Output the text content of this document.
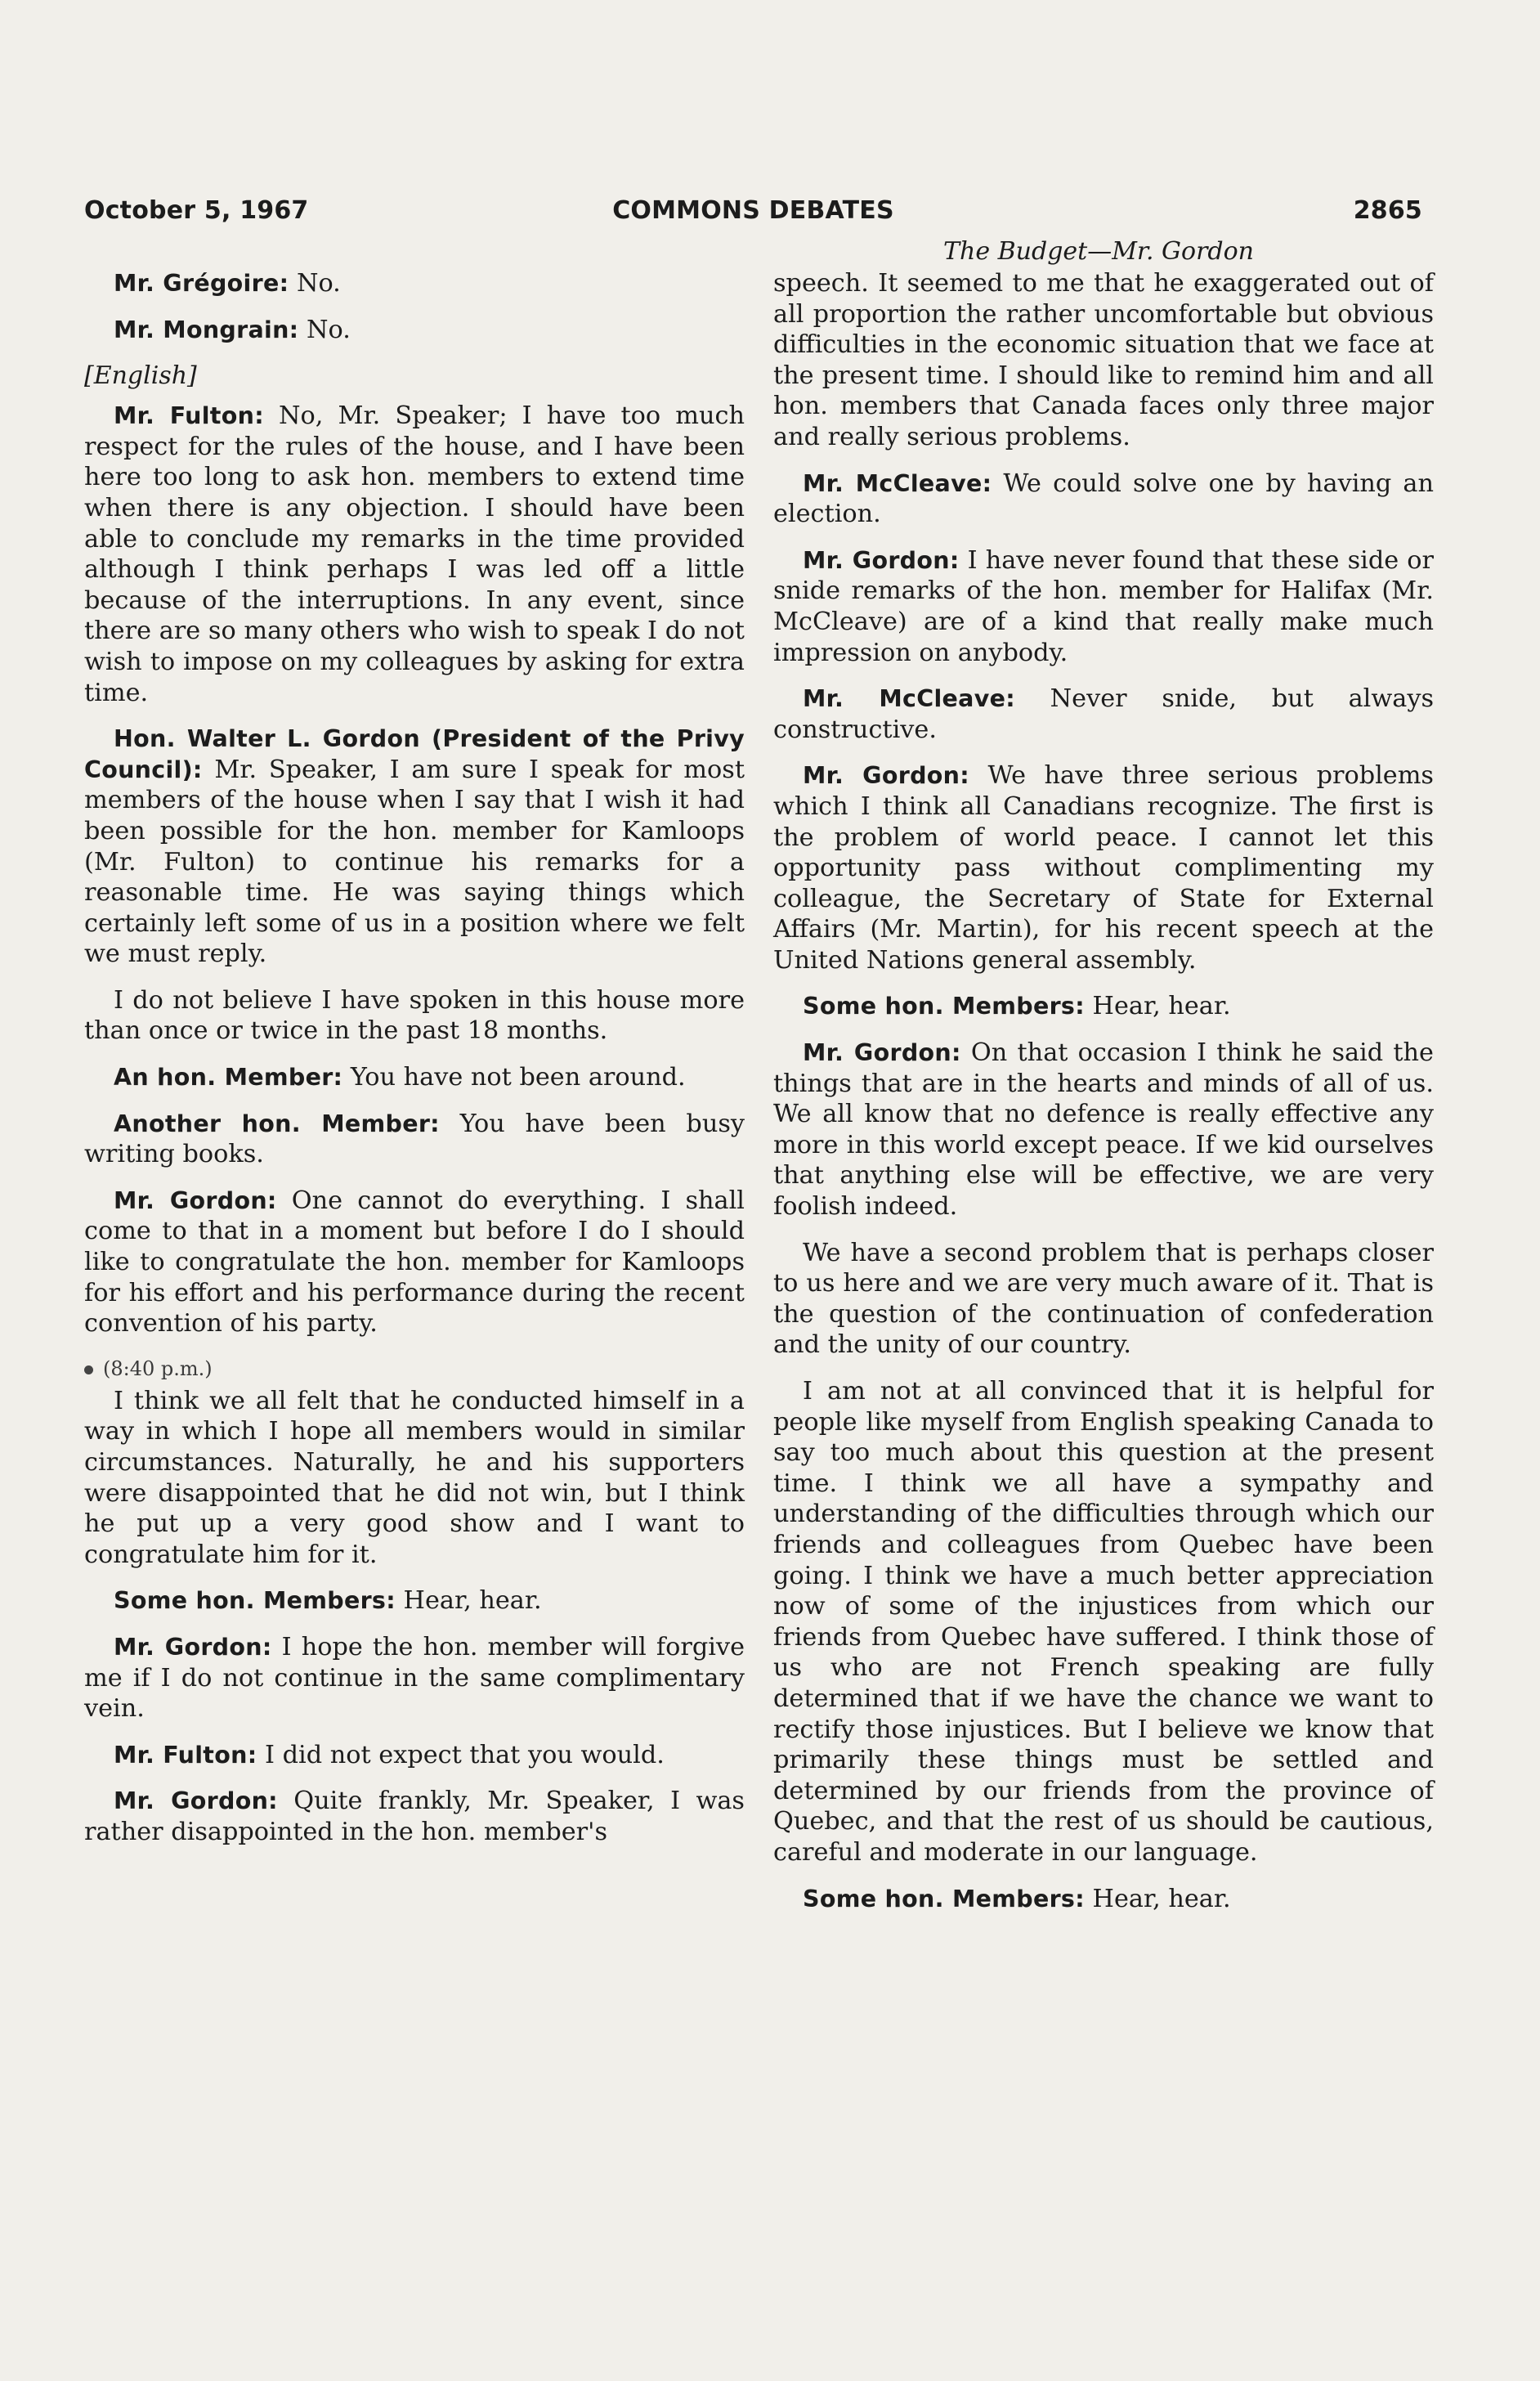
October 5, 1967	COMMONS DEBATES	2865
The Budget—Mr. Gordon

Mr. Grégoire: No.

Mr. Mongrain: No.

[English]

Mr. Fulton: No, Mr. Speaker; I have too much respect for the rules of the house, and I have been here too long to ask hon. members to extend time when there is any objection. I should have been able to conclude my remarks in the time provided although I think perhaps I was led off a little because of the interruptions. In any event, since there are so many others who wish to speak I do not wish to impose on my colleagues by asking for extra time.

Hon. Walter L. Gordon (President of the Privy Council): Mr. Speaker, I am sure I speak for most members of the house when I say that I wish it had been possible for the hon. member for Kamloops (Mr. Fulton) to continue his remarks for a reasonable time. He was saying things which certainly left some of us in a position where we felt we must reply.

I do not believe I have spoken in this house more than once or twice in the past 18 months.

An hon. Member: You have not been around.

Another hon. Member: You have been busy writing books.

Mr. Gordon: One cannot do everything. I shall come to that in a moment but before I do I should like to congratulate the hon. member for Kamloops for his effort and his performance during the recent convention of his party.

(8:40 p.m.)

I think we all felt that he conducted himself in a way in which I hope all members would in similar circumstances. Naturally, he and his supporters were disappointed that he did not win, but I think he put up a very good show and I want to congratulate him for it.

Some hon. Members: Hear, hear.

Mr. Gordon: I hope the hon. member will forgive me if I do not continue in the same complimentary vein.

Mr. Fulton: I did not expect that you would.

Mr. Gordon: Quite frankly, Mr. Speaker, I was rather disappointed in the hon. member's

speech. It seemed to me that he exaggerated out of all proportion the rather uncomfortable but obvious difficulties in the economic situation that we face at the present time. I should like to remind him and all hon. members that Canada faces only three major and really serious problems.

Mr. McCleave: We could solve one by having an election.

Mr. Gordon: I have never found that these side or snide remarks of the hon. member for Halifax (Mr. McCleave) are of a kind that really make much impression on anybody.

Mr. McCleave: Never snide, but always constructive.

Mr. Gordon: We have three serious problems which I think all Canadians recognize. The first is the problem of world peace. I cannot let this opportunity pass without complimenting my colleague, the Secretary of State for External Affairs (Mr. Martin), for his recent speech at the United Nations general assembly.

Some hon. Members: Hear, hear.

Mr. Gordon: On that occasion I think he said the things that are in the hearts and minds of all of us. We all know that no defence is really effective any more in this world except peace. If we kid ourselves that anything else will be effective, we are very foolish indeed.

We have a second problem that is perhaps closer to us here and we are very much aware of it. That is the question of the continuation of confederation and the unity of our country.

I am not at all convinced that it is helpful for people like myself from English speaking Canada to say too much about this question at the present time. I think we all have a sympathy and understanding of the difficulties through which our friends and colleagues from Quebec have been going. I think we have a much better appreciation now of some of the injustices from which our friends from Quebec have suffered. I think those of us who are not French speaking are fully determined that if we have the chance we want to rectify those injustices. But I believe we know that primarily these things must be settled and determined by our friends from the province of Quebec, and that the rest of us should be cautious, careful and moderate in our language.

Some hon. Members: Hear, hear.
